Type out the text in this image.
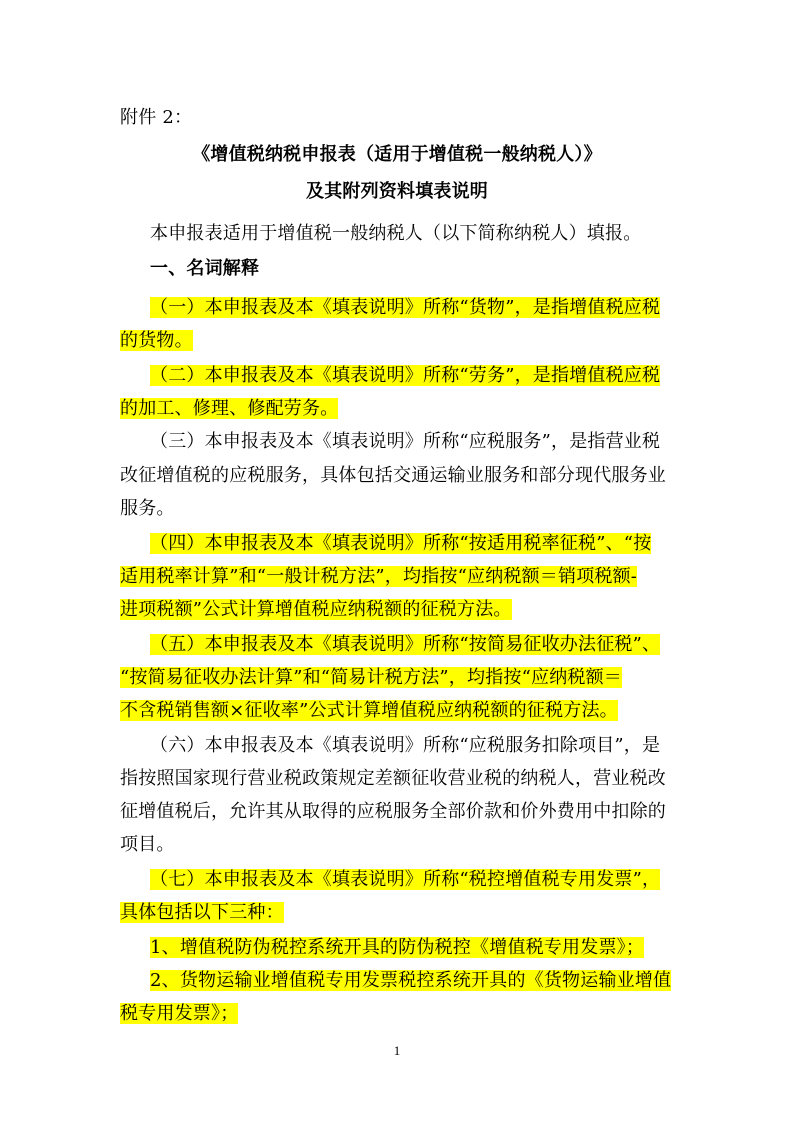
附件 2：
《增值税纳税申报表（适用于增值税一般纳税人）》
及其附列资料填表说明
本申报表适用于增值税一般纳税人（以下简称纳税人）填报。
一、名词解释
（一）本申报表及本《填表说明》所称“货物”，是指增值税应税
的货物。
（二）本申报表及本《填表说明》所称“劳务”，是指增值税应税
的加工、修理、修配劳务。
（三）本申报表及本《填表说明》所称“应税服务”，是指营业税
改征增值税的应税服务，具体包括交通运输业服务和部分现代服务业
服务。
（四）本申报表及本《填表说明》所称“按适用税率征税”、“按
适用税率计算”和“一般计税方法”，均指按“应纳税额＝销项税额-
进项税额”公式计算增值税应纳税额的征税方法。
（五）本申报表及本《填表说明》所称“按简易征收办法征税”、
“按简易征收办法计算”和“简易计税方法”，均指按“应纳税额＝
不含税销售额×征收率”公式计算增值税应纳税额的征税方法。
（六）本申报表及本《填表说明》所称“应税服务扣除项目”，是
指按照国家现行营业税政策规定差额征收营业税的纳税人，营业税改
征增值税后，允许其从取得的应税服务全部价款和价外费用中扣除的
项目。
（七）本申报表及本《填表说明》所称“税控增值税专用发票”，
具体包括以下三种：
1、增值税防伪税控系统开具的防伪税控《增值税专用发票》；
2、货物运输业增值税专用发票税控系统开具的《货物运输业增值
税专用发票》；
1
